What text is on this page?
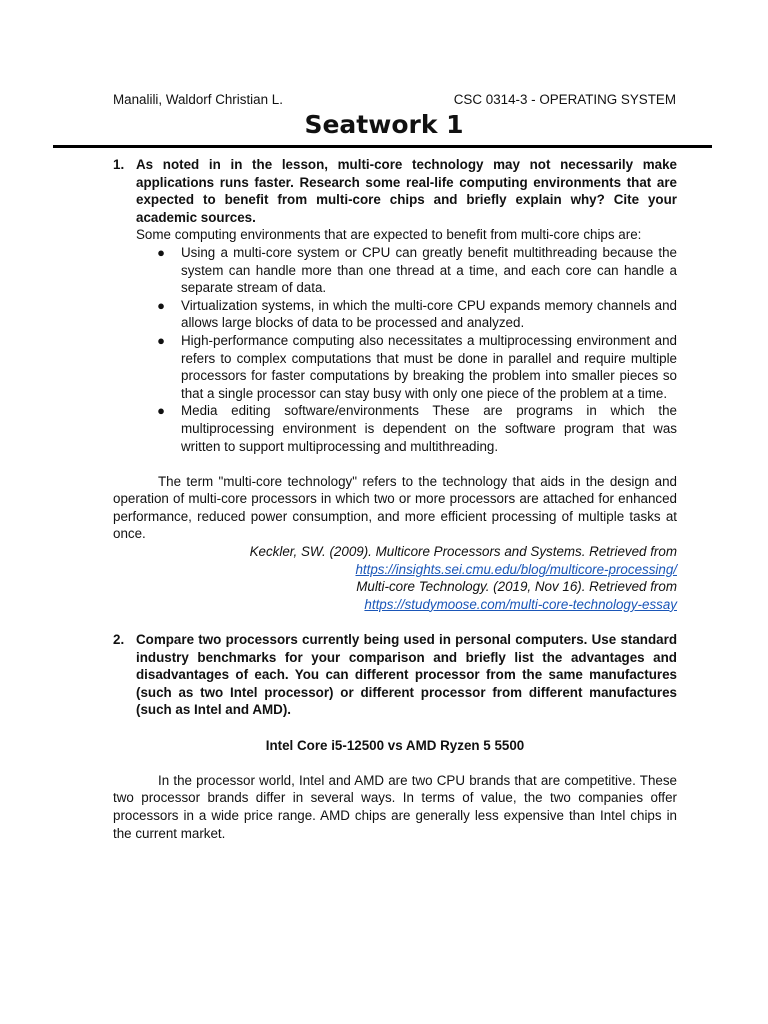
Manalili, Waldorf Christian L.	CSC 0314-3 - OPERATING SYSTEM
Seatwork 1
1. As noted in in the lesson, multi-core technology may not necessarily make applications runs faster. Research some real-life computing environments that are expected to benefit from multi-core chips and briefly explain why? Cite your academic sources.

Some computing environments that are expected to benefit from multi-core chips are:

●	Using a multi-core system or CPU can greatly benefit multithreading because the system can handle more than one thread at a time, and each core can handle a separate stream of data.
●	Virtualization systems, in which the multi-core CPU expands memory channels and allows large blocks of data to be processed and analyzed.
●	High-performance computing also necessitates a multiprocessing environment and refers to complex computations that must be done in parallel and require multiple processors for faster computations by breaking the problem into smaller pieces so that a single processor can stay busy with only one piece of the problem at a time.
●	Media editing software/environments These are programs in which the multiprocessing environment is dependent on the software program that was written to support multiprocessing and multithreading.

The term "multi-core technology" refers to the technology that aids in the design and operation of multi-core processors in which two or more processors are attached for enhanced performance, reduced power consumption, and more efficient processing of multiple tasks at once.

Keckler, SW. (2009). Multicore Processors and Systems. Retrieved from
https://insights.sei.cmu.edu/blog/multicore-processing/
Multi-core Technology. (2019, Nov 16). Retrieved from
https://studymoose.com/multi-core-technology-essay
2. Compare two processors currently being used in personal computers. Use standard industry benchmarks for your comparison and briefly list the advantages and disadvantages of each. You can different processor from the same manufactures (such as two Intel processor) or different processor from different manufactures (such as Intel and AMD).

Intel Core i5-12500 vs AMD Ryzen 5 5500

In the processor world, Intel and AMD are two CPU brands that are competitive. These two processor brands differ in several ways. In terms of value, the two companies offer processors in a wide price range. AMD chips are generally less expensive than Intel chips in the current market.
